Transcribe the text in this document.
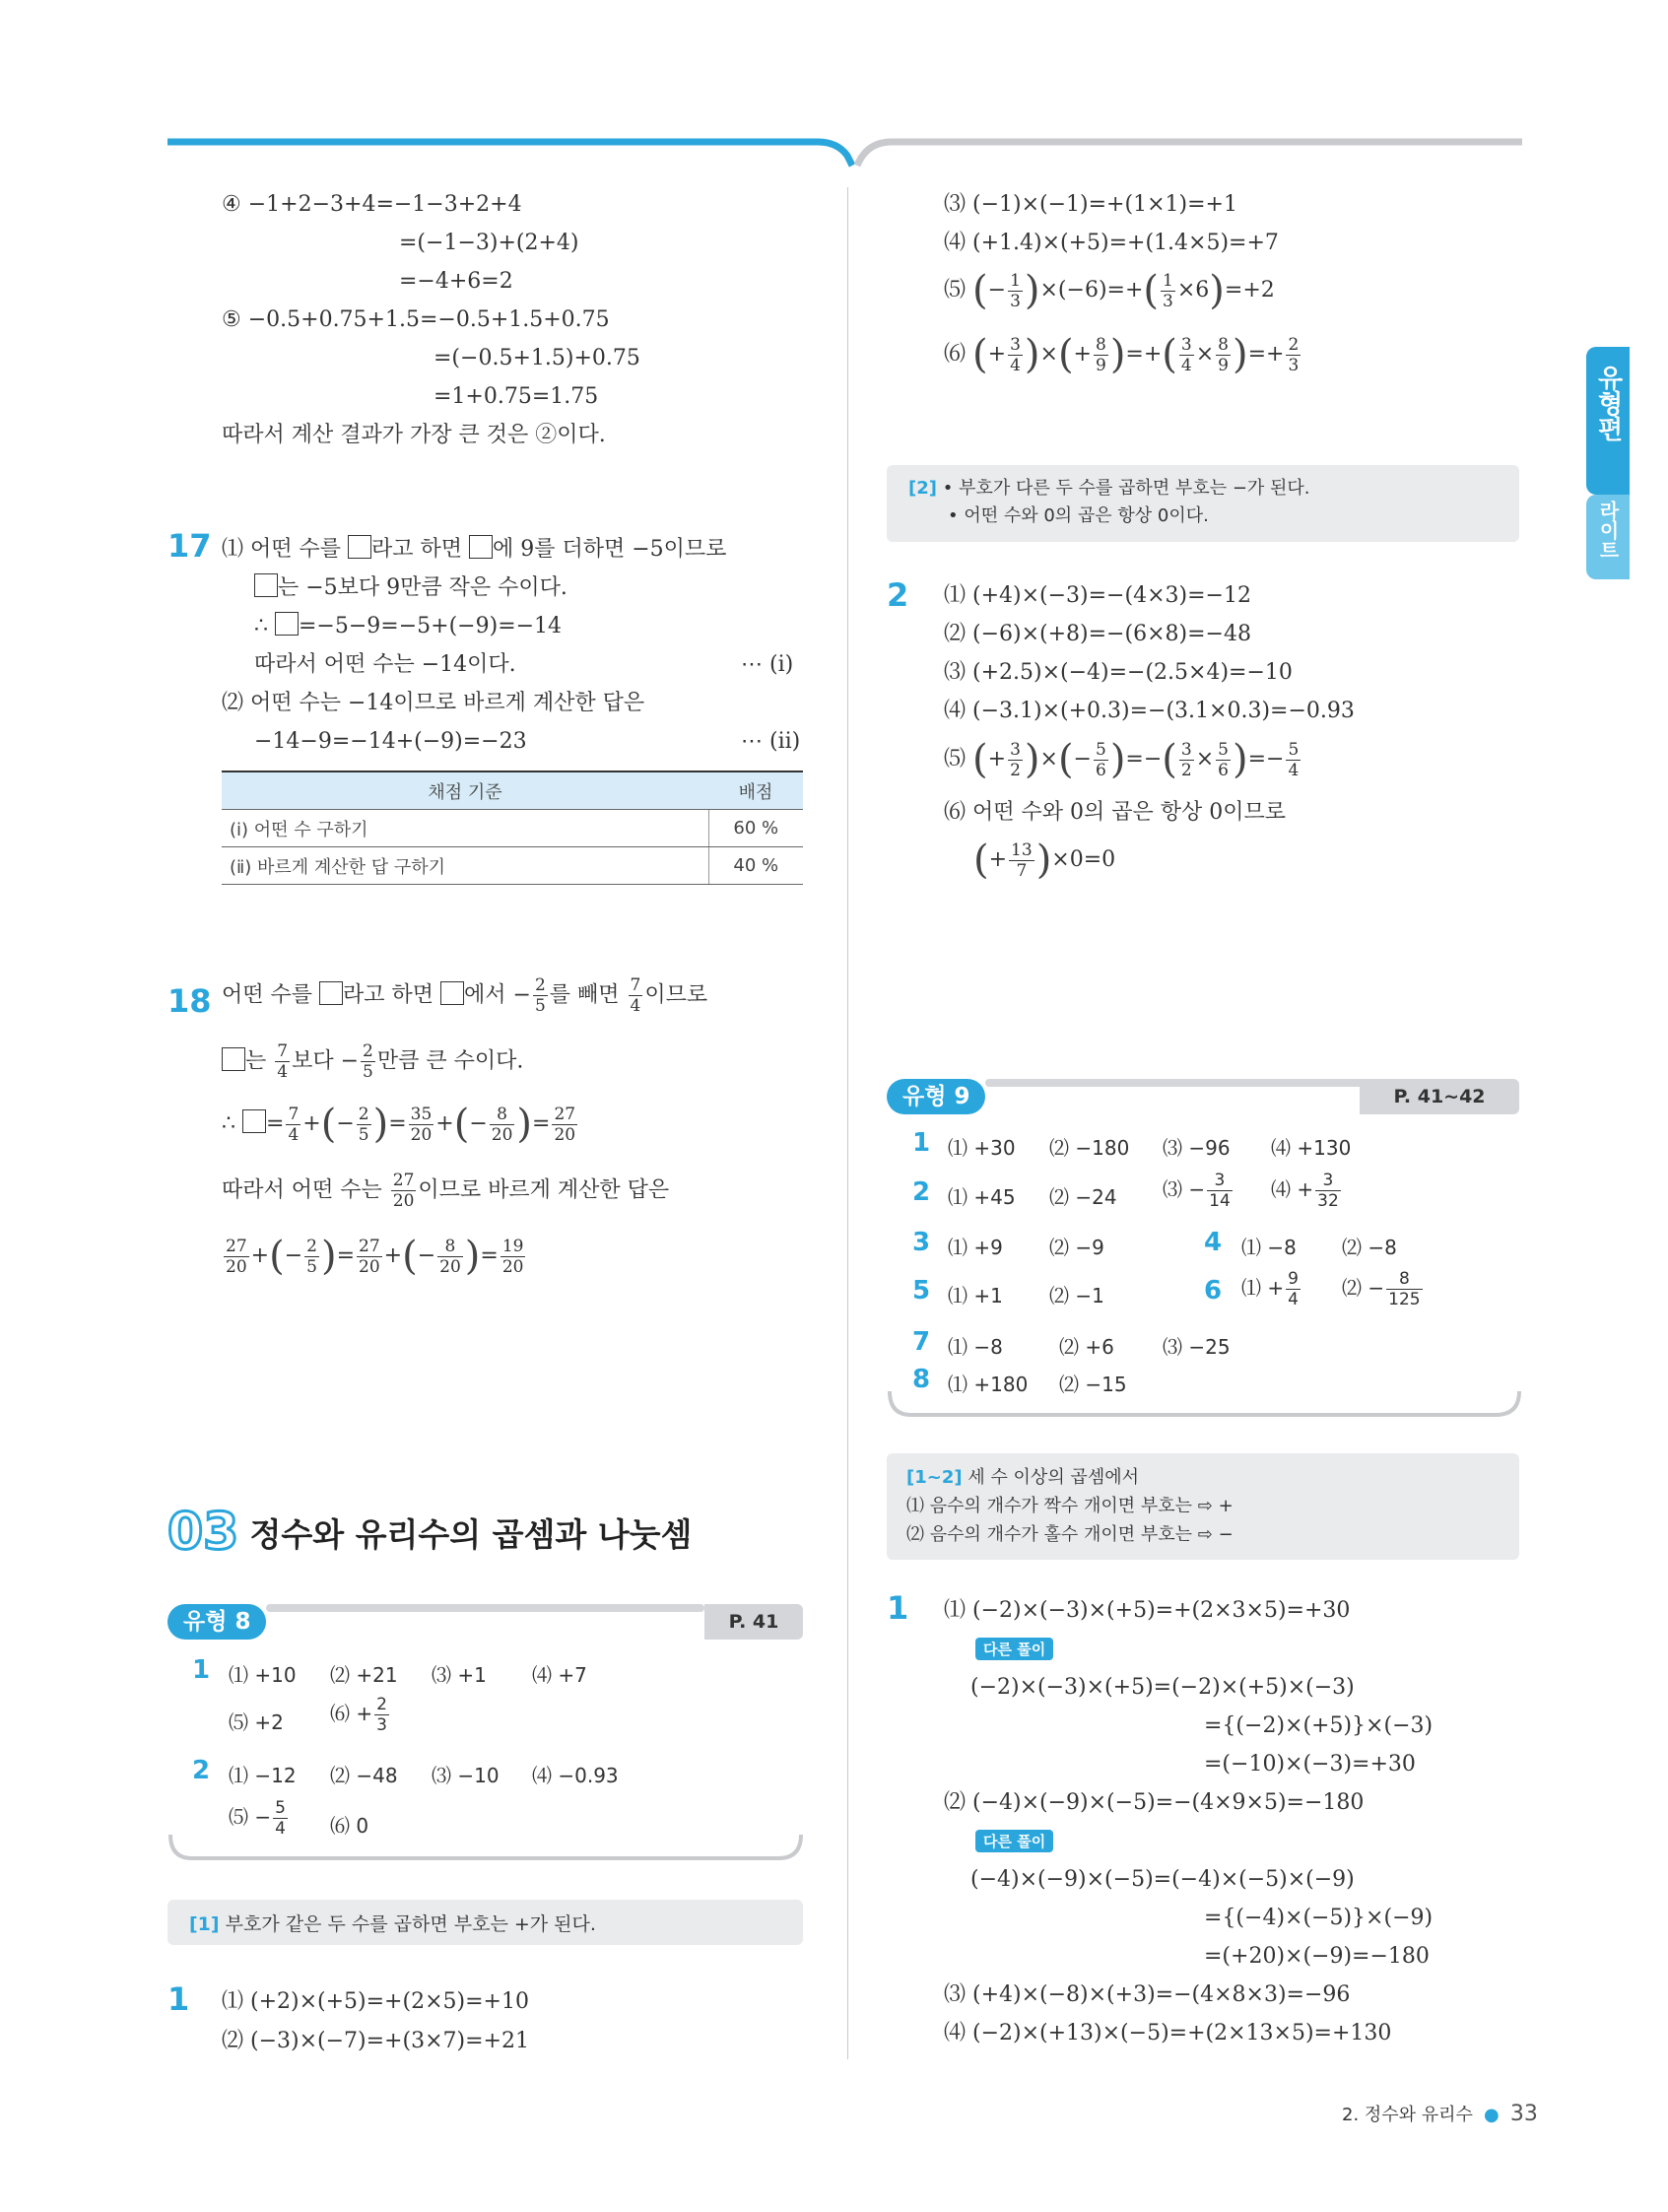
유형편
라이트
④ −1+2−3+4=−1−3+2+4
=(−1−3)+(2+4)
=−4+6=2
⑤ −0.5+0.75+1.5=−0.5+1.5+0.75
=(−0.5+1.5)+0.75
=1+0.75=1.75
따라서 계산 결과가 가장 큰 것은 ②이다.
17 ⑴ 어떤 수를 라고 하면 에 9를 더하면 −5이므로
는 −5보다 9만큼 작은 수이다.
∴ =−5−9=−5+(−9)=−14
따라서 어떤 수는 −14이다.	⋯ (ⅰ)
⑵ 어떤 수는 −14이므로 바르게 계산한 답은
−14−9=−14+(−9)=−23	⋯ (ⅱ)
채점 기준	배점
(ⅰ) 어떤 수 구하기	60 %
(ⅱ) 바르게 계산한 답 구하기	40 %
18 어떤 수를 라고 하면 에서 − $\frac{2}{5}$ 를 빼면 $\frac{7}{4}$ 이므로
는 $\frac{7}{4}$ 보다 − $\frac{2}{5}$ 만큼 큰 수이다.
∴ = $\frac{7}{4}$ +(− $\frac{2}{5}$ )= $\frac{35}{20}$ +(− $\frac{8}{20}$ )= $\frac{27}{20}$
따라서 어떤 수는 $\frac{27}{20}$ 이므로 바르게 계산한 답은
$\frac{27}{20}$ +(− $\frac{2}{5}$ )= $\frac{27}{20}$ +(− $\frac{8}{20}$ )= $\frac{19}{20}$
03 정수와 유리수의 곱셈과 나눗셈
P. 41
유형 8
1 ⑴ +10 ⑵ +21 ⑶ +1 ⑷ +7
⑸ +2 ⑹ + $\frac{2}{3}$
2 ⑴ −12 ⑵ −48 ⑶ −10 ⑷ −0.93
⑸ − $\frac{5}{4}$ ⑹ 0
[1] 부호가 같은 두 수를 곱하면 부호는 +가 된다.
1 ⑴ (+2)×(+5)=+(2×5)=+10
⑵ (−3)×(−7)=+(3×7)=+21
⑶ (−1)×(−1)=+(1×1)=+1
⑷ (+1.4)×(+5)=+(1.4×5)=+7
⑸ (− $\frac{1}{3} )\times(-6)=+( \frac{1}{3} \times 6)=+2$
⑹ (+ $\frac{3}{4}$ )×(+ $\frac{8}{9}$ )=+( $\frac{3}{4} \times \frac{8}{9}$ )=+ $\frac{2}{3}$
[2] • 부호가 다른 두 수를 곱하면 부호는 −가 된다.
• 어떤 수와 0의 곱은 항상 0이다.
2 ⑴ (+4)×(−3)=−(4×3)=−12
⑵ (−6)×(+8)=−(6×8)=−48
⑶ (+2.5)×(−4)=−(2.5×4)=−10
⑷ (−3.1)×(+0.3)=−(3.1×0.3)=−0.93
⑸ (+ $\frac{3}{2}$ )×(− $\frac{5}{6}$ )=−( $\frac{3}{2} \times \frac{5}{6}$ )=− $\frac{5}{4}$
⑹ 어떤 수와 0의 곱은 항상 0이므로
(+ $\frac{13}{7} )\times 0=0$
P. 41~42
유형 9
1 ⑴ +30 ⑵ −180 ⑶ −96 ⑷ +130
2 ⑴ +45 ⑵ −24 ⑶ − $\frac{3}{14}$ ⑷ + $\frac{3}{32}$
3 ⑴ +9 ⑵ −9	4 ⑴ −8 ⑵ −8
5 ⑴ +1 ⑵ −1	6 ⑴ + $\frac{9}{4}$ ⑵ − $\frac{8}{125}$
7 ⑴ −8	⑵ +6 ⑶ −25
8 ⑴ +180 ⑵ −15
[1~2] 세 수 이상의 곱셈에서
⑴ 음수의 개수가 짝수 개이면 부호는 ⇨ +
⑵ 음수의 개수가 홀수 개이면 부호는 ⇨ −
1 ⑴ (−2)×(−3)×(+5)=+(2×3×5)=+30
다른 풀이
(−2)×(−3)×(+5)=(−2)×(+5)×(−3)
={(−2)×(+5)}×(−3)
=(−10)×(−3)=+30
⑵ (−4)×(−9)×(−5)=−(4×9×5)=−180
다른 풀이
(−4)×(−9)×(−5)=(−4)×(−5)×(−9)
={(−4)×(−5)}×(−9)
=(+20)×(−9)=−180
⑶ (+4)×(−8)×(+3)=−(4×8×3)=−96
⑷ (−2)×(+13)×(−5)=+(2×13×5)=+130
2. 정수와 유리수 ● 33
